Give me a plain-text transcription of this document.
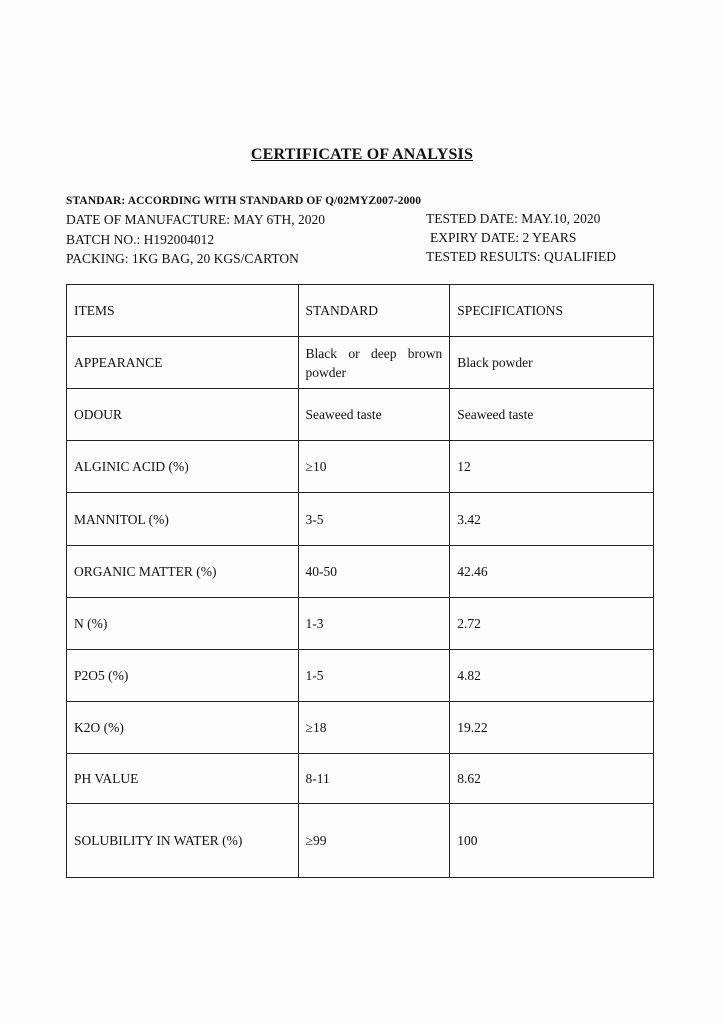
CERTIFICATE OF ANALYSIS
STANDAR: ACCORDING WITH STANDARD OF Q/02MYZ007-2000
DATE OF MANUFACTURE: MAY 6TH, 2020	TESTED DATE: MAY.10, 2020
BATCH NO.: H192004012	EXPIRY DATE: 2 YEARS
PACKING: 1KG BAG, 20 KGS/CARTON	TESTED RESULTS: QUALIFIED
ITEMS	STANDARD	SPECIFICATIONS
APPEARANCE	Black or deep brown powder	Black powder
ODOUR	Seaweed taste	Seaweed taste
ALGINIC ACID (%)	≥10	12
MANNITOL (%)	3-5	3.42
ORGANIC MATTER (%)	40-50	42.46
N (%)	1-3	2.72
P2O5 (%)	1-5	4.82
K2O (%)	≥18	19.22
PH VALUE	8-11	8.62
SOLUBILITY IN WATER (%)	≥99	100
